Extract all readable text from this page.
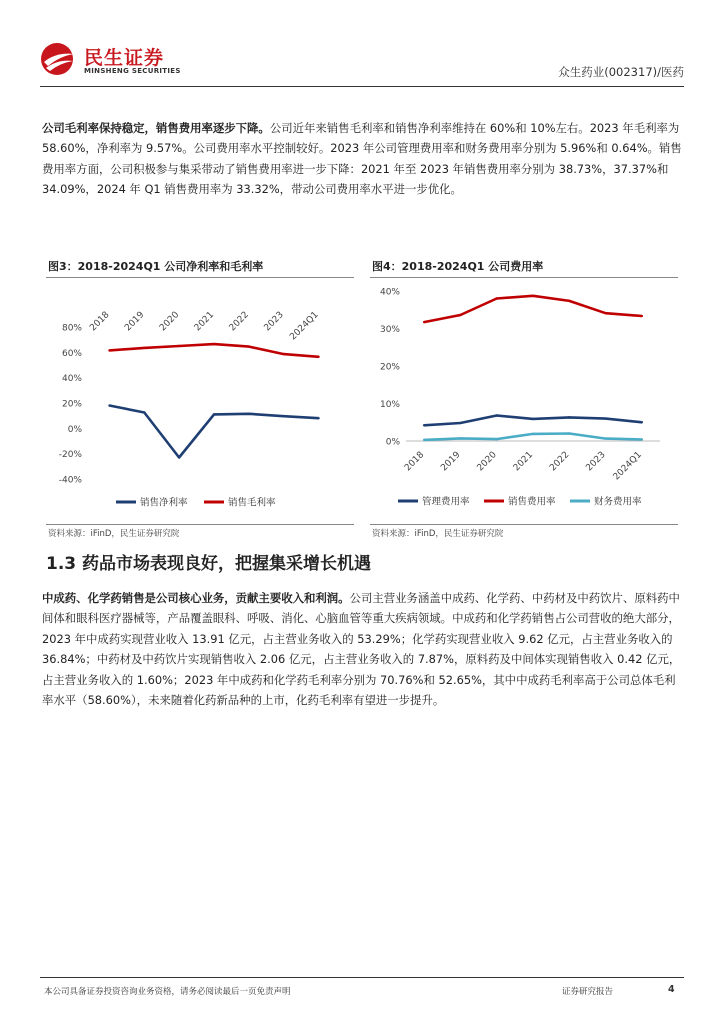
民生证券
MINSHENG SECURITIES	众生药业(002317)/医药

公司毛利率保持稳定，销售费用率逐步下降。公司近年来销售毛利率和销售净利率维持在 60%和 10%左右。2023 年毛利率为 58.60%，净利率为 9.57%。公司费用率水平控制较好。2023 年公司管理费用率和财务费用率分别为 5.96%和 0.64%。销售费用率方面，公司积极参与集采带动了销售费用率进一步下降：2021 年至 2023 年销售费用率分别为 38.73%，37.37%和 34.09%，2024 年 Q1 销售费用率为 33.32%，带动公司费用率水平进一步优化。

图3：2018-2024Q1 公司净利率和毛利率	图4：2018-2024Q1 公司费用率
80%
60%
40%
20%
0%
-20%
-40%
2018 2019 2020 2021 2022 2023 2024Q1
销售净利率	销售毛利率
40%
30%
20%
10%
0%
2018 2019 2020 2021 2022 2023 2024Q1
管理费用率	销售费用率	财务费用率
资料来源：iFinD，民生证券研究院	资料来源：iFinD，民生证券研究院
1.3 药品市场表现良好，把握集采增长机遇

中成药、化学药销售是公司核心业务，贡献主要收入和利润。公司主营业务涵盖中成药、化学药、中药材及中药饮片、原料药中间体和眼科医疗器械等，产品覆盖眼科、呼吸、消化、心脑血管等重大疾病领域。中成药和化学药销售占公司营收的绝大部分，2023 年中成药实现营业收入 13.91 亿元，占主营业务收入的 53.29%；化学药实现营业收入 9.62 亿元，占主营业务收入的 36.84%；中药材及中药饮片实现销售收入 2.06 亿元，占主营业务收入的 7.87%，原料药及中间体实现销售收入 0.42 亿元，占主营业务收入的 1.60%；2023 年中成药和化学药毛利率分别为 70.76%和 52.65%，其中中成药毛利率高于公司总体毛利率水平（58.60%），未来随着化药新品种的上市，化药毛利率有望进一步提升。

本公司具备证券投资咨询业务资格，请务必阅读最后一页免责声明	证券研究报告	4
